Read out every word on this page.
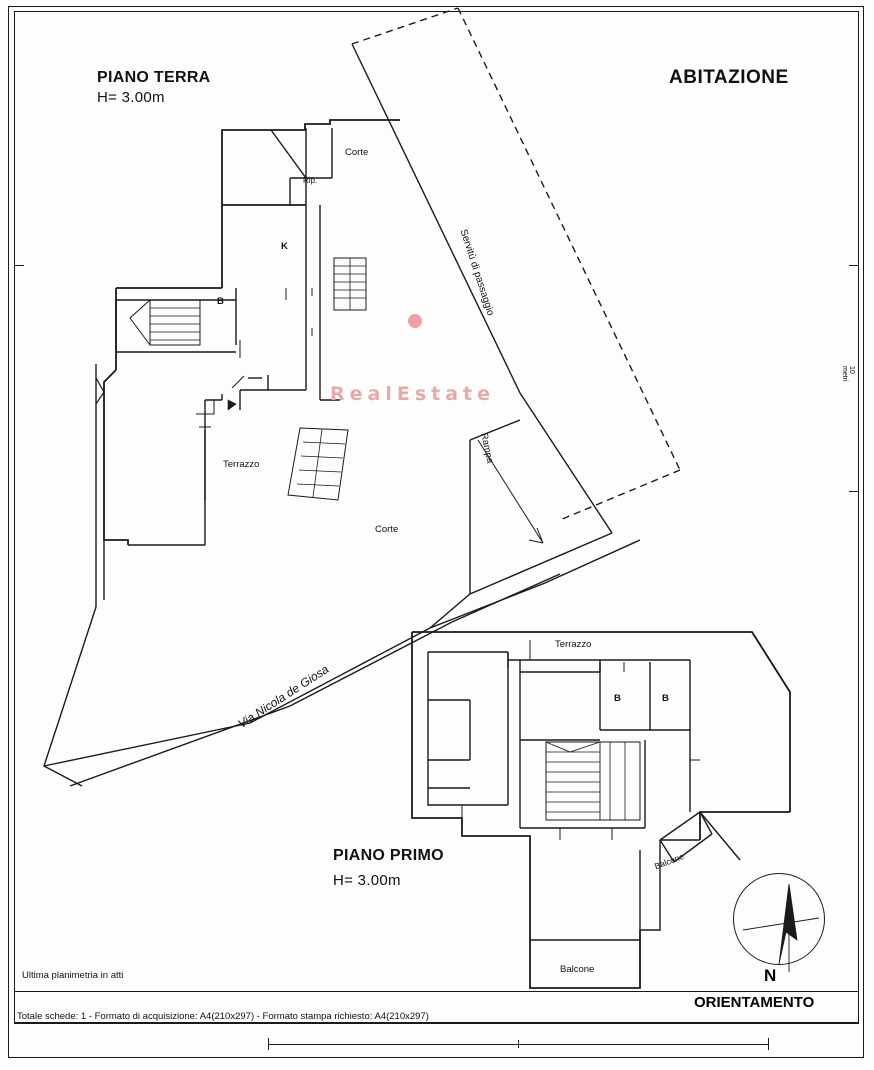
PIANO TERRA
H= 3.00m
ABITAZIONE
Corte
Rip.
K
B
Terrazzo
Corte
Servitù di passaggio
Rampa
Via Nicola de Giosa
10 metri
RealEstate
Terrazzo
B	B
Balcone
Balcone
PIANO PRIMO
H= 3.00m
N
ORIENTAMENTO
Ultima planimetria in atti
Totale schede: 1 - Formato di acquisizione: A4(210x297) - Formato stampa richiesto: A4(210x297)
